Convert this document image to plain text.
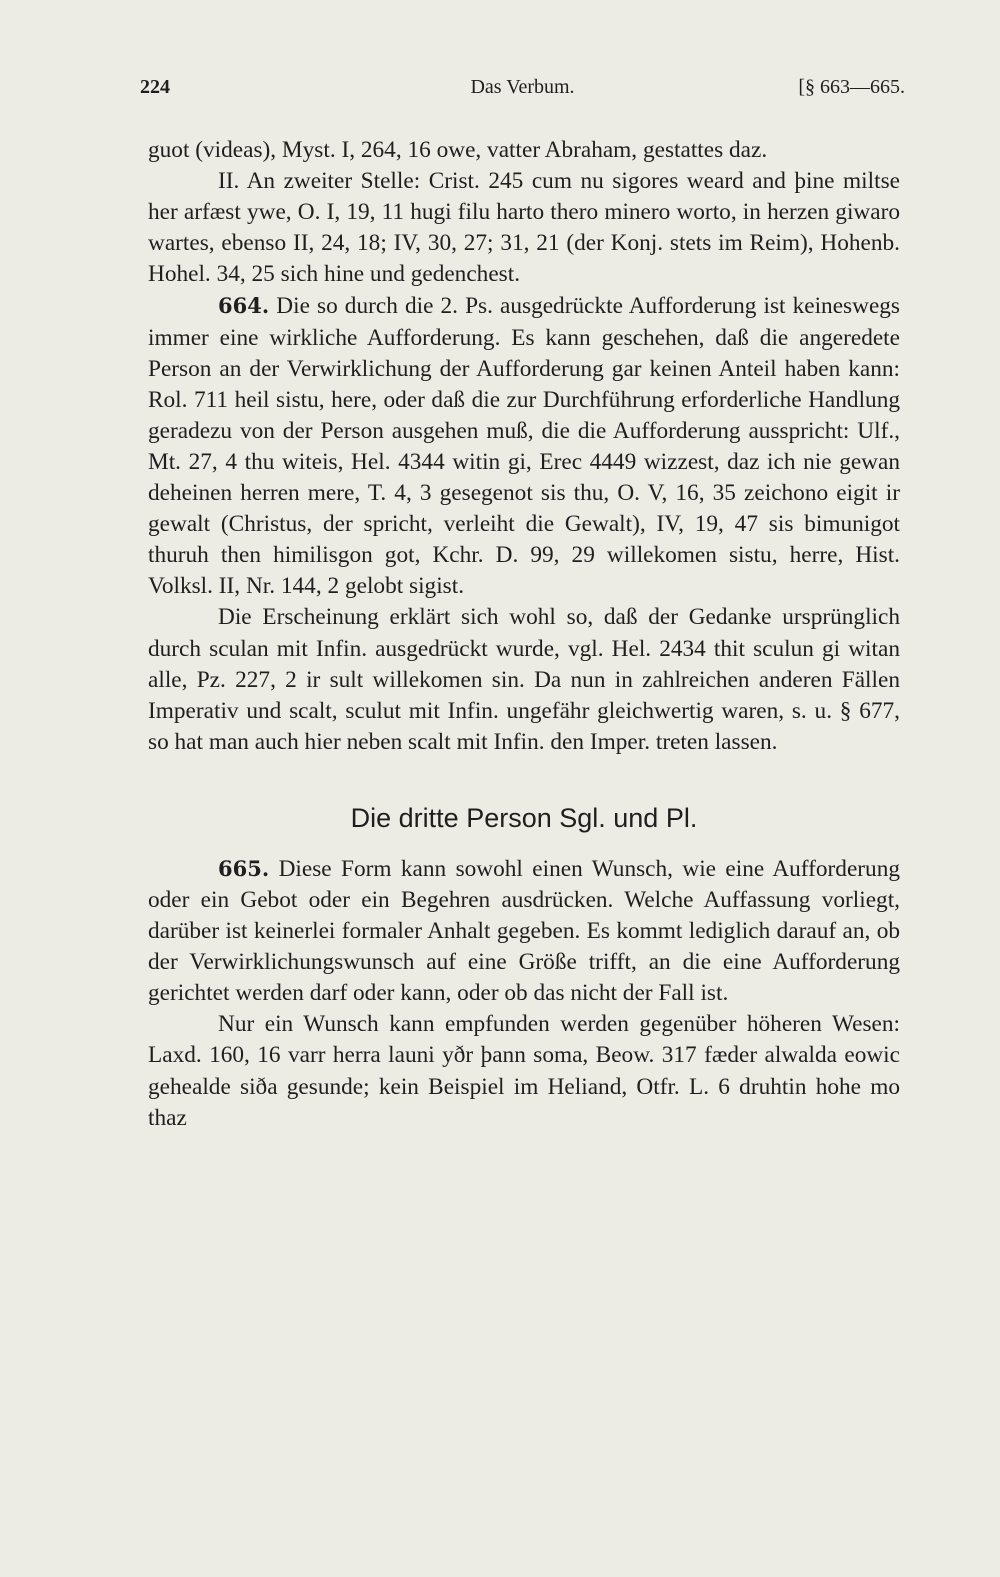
224	Das Verbum.	[§ 663—665.

guot (videas), Myst. I, 264, 16 owe, vatter Abraham, gestattes daz.

II. An zweiter Stelle: Crist. 245 cum nu sigores weard and þine miltse her arfæst ywe, O. I, 19, 11 hugi filu harto thero minero worto, in herzen giwaro wartes, ebenso II, 24, 18; IV, 30, 27; 31, 21 (der Konj. stets im Reim), Hohenb. Hohel. 34, 25 sich hine und gedenchest.

664. Die so durch die 2. Ps. ausgedrückte Aufforderung ist keineswegs immer eine wirkliche Aufforderung. Es kann geschehen, daß die angeredete Person an der Verwirklichung der Aufforderung gar keinen Anteil haben kann: Rol. 711 heil sistu, here, oder daß die zur Durchführung erforderliche Handlung geradezu von der Person ausgehen muß, die die Aufforderung ausspricht: Ulf., Mt. 27, 4 thu witeis, Hel. 4344 witin gi, Erec 4449 wizzest, daz ich nie gewan deheinen herren mere, T. 4, 3 gesegenot sis thu, O. V, 16, 35 zeichono eigit ir gewalt (Christus, der spricht, verleiht die Gewalt), IV, 19, 47 sis bimunigot thuruh then himilisgon got, Kchr. D. 99, 29 willekomen sistu, herre, Hist. Volksl. II, Nr. 144, 2 gelobt sigist.

Die Erscheinung erklärt sich wohl so, daß der Gedanke ursprünglich durch sculan mit Infin. ausgedrückt wurde, vgl. Hel. 2434 thit sculun gi witan alle, Pz. 227, 2 ir sult willekomen sin. Da nun in zahlreichen anderen Fällen Imperativ und scalt, sculut mit Infin. ungefähr gleichwertig waren, s. u. § 677, so hat man auch hier neben scalt mit Infin. den Imper. treten lassen.

Die dritte Person Sgl. und Pl.

665. Diese Form kann sowohl einen Wunsch, wie eine Aufforderung oder ein Gebot oder ein Begehren ausdrücken. Welche Auffassung vorliegt, darüber ist keinerlei formaler Anhalt gegeben. Es kommt lediglich darauf an, ob der Verwirklichungswunsch auf eine Größe trifft, an die eine Aufforderung gerichtet werden darf oder kann, oder ob das nicht der Fall ist.

Nur ein Wunsch kann empfunden werden gegenüber höheren Wesen: Laxd. 160, 16 varr herra launi yðr þann soma, Beow. 317 fæder alwalda eowic gehealde siða gesunde; kein Beispiel im Heliand, Otfr. L. 6 druhtin hohe mo thaz
